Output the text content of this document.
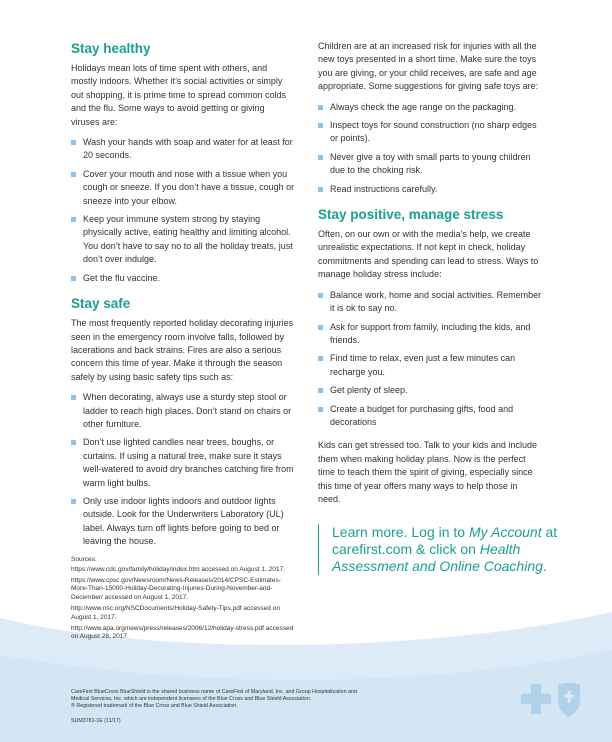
Stay healthy

Holidays mean lots of time spent with others, and mostly indoors. Whether it’s social activities or simply out shopping, it is prime time to spread common colds and the flu. Some ways to avoid getting or giving viruses are:

Wash your hands with soap and water for at least for 20 seconds.
Cover your mouth and nose with a tissue when you cough or sneeze. If you don’t have a tissue, cough or sneeze into your elbow.
Keep your immune system strong by staying physically active, eating healthy and limiting alcohol. You don’t have to say no to all the holiday treats, just don’t over indulge.
Get the flu vaccine.
Stay safe

The most frequently reported holiday decorating injuries seen in the emergency room involve falls, followed by lacerations and back strains. Fires are also a serious concern this time of year. Make it through the season safely by using basic safety tips such as:

When decorating, always use a sturdy step stool or ladder to reach high places. Don’t stand on chairs or other furniture.
Don’t use lighted candles near trees, boughs, or curtains. If using a natural tree, make sure it stays well-watered to avoid dry branches catching fire from warm light bulbs.
Only use indoor lights indoors and outdoor lights outside. Look for the Underwriters Laboratory (UL) label. Always turn off lights before going to bed or leaving the house.
Sources:
https://www.cdc.gov/family/holiday/index.htm accessed on August 1, 2017.
https://www.cpsc.gov/Newsroom/News-Releases/2014/CPSC-Estimates-More-Than-15000-Holiday-Decorating-Injuries-During-November-and-December/ accessed on August 1, 2017.
http://www.nsc.org/NSCDocuments/Holiday-Safety-Tips.pdf accessed on August 1, 2017.
http://www.apa.org/news/press/releases/2006/12/holiday-stress.pdf accessed on August 28, 2017.

Children are at an increased risk for injuries with all the new toys presented in a short time. Make sure the toys you are giving, or your child receives, are safe and age appropriate. Some suggestions for giving safe toys are:

Always check the age range on the packaging.
Inspect toys for sound construction (no sharp edges or points).
Never give a toy with small parts to young children due to the choking risk.
Read instructions carefully.
Stay positive, manage stress

Often, on our own or with the media’s help, we create unrealistic expectations. If not kept in check, holiday commitments and spending can lead to stress. Ways to manage holiday stress include:

Balance work, home and social activities. Remember it is ok to say no.
Ask for support from family, including the kids, and friends.
Find time to relax, even just a few minutes can recharge you.
Get plenty of sleep.
Create a budget for purchasing gifts, food and decorations

Kids can get stressed too. Talk to your kids and include them when making holiday plans. Now is the perfect time to teach them the spirit of giving, especially since this time of year offers many ways to help those in need.

Learn more. Log in to My Account at carefirst.com & click on Health Assessment and Online Coaching.
CareFirst BlueCross BlueShield is the shared business name of CareFirst of Maryland, Inc. and Group Hospitalization and Medical Services, Inc. which are independent licensees of the Blue Cross and Blue Shield Association.
® Registered trademark of the Blue Cross and Blue Shield Association.
SUM3781-1E (11/17)
